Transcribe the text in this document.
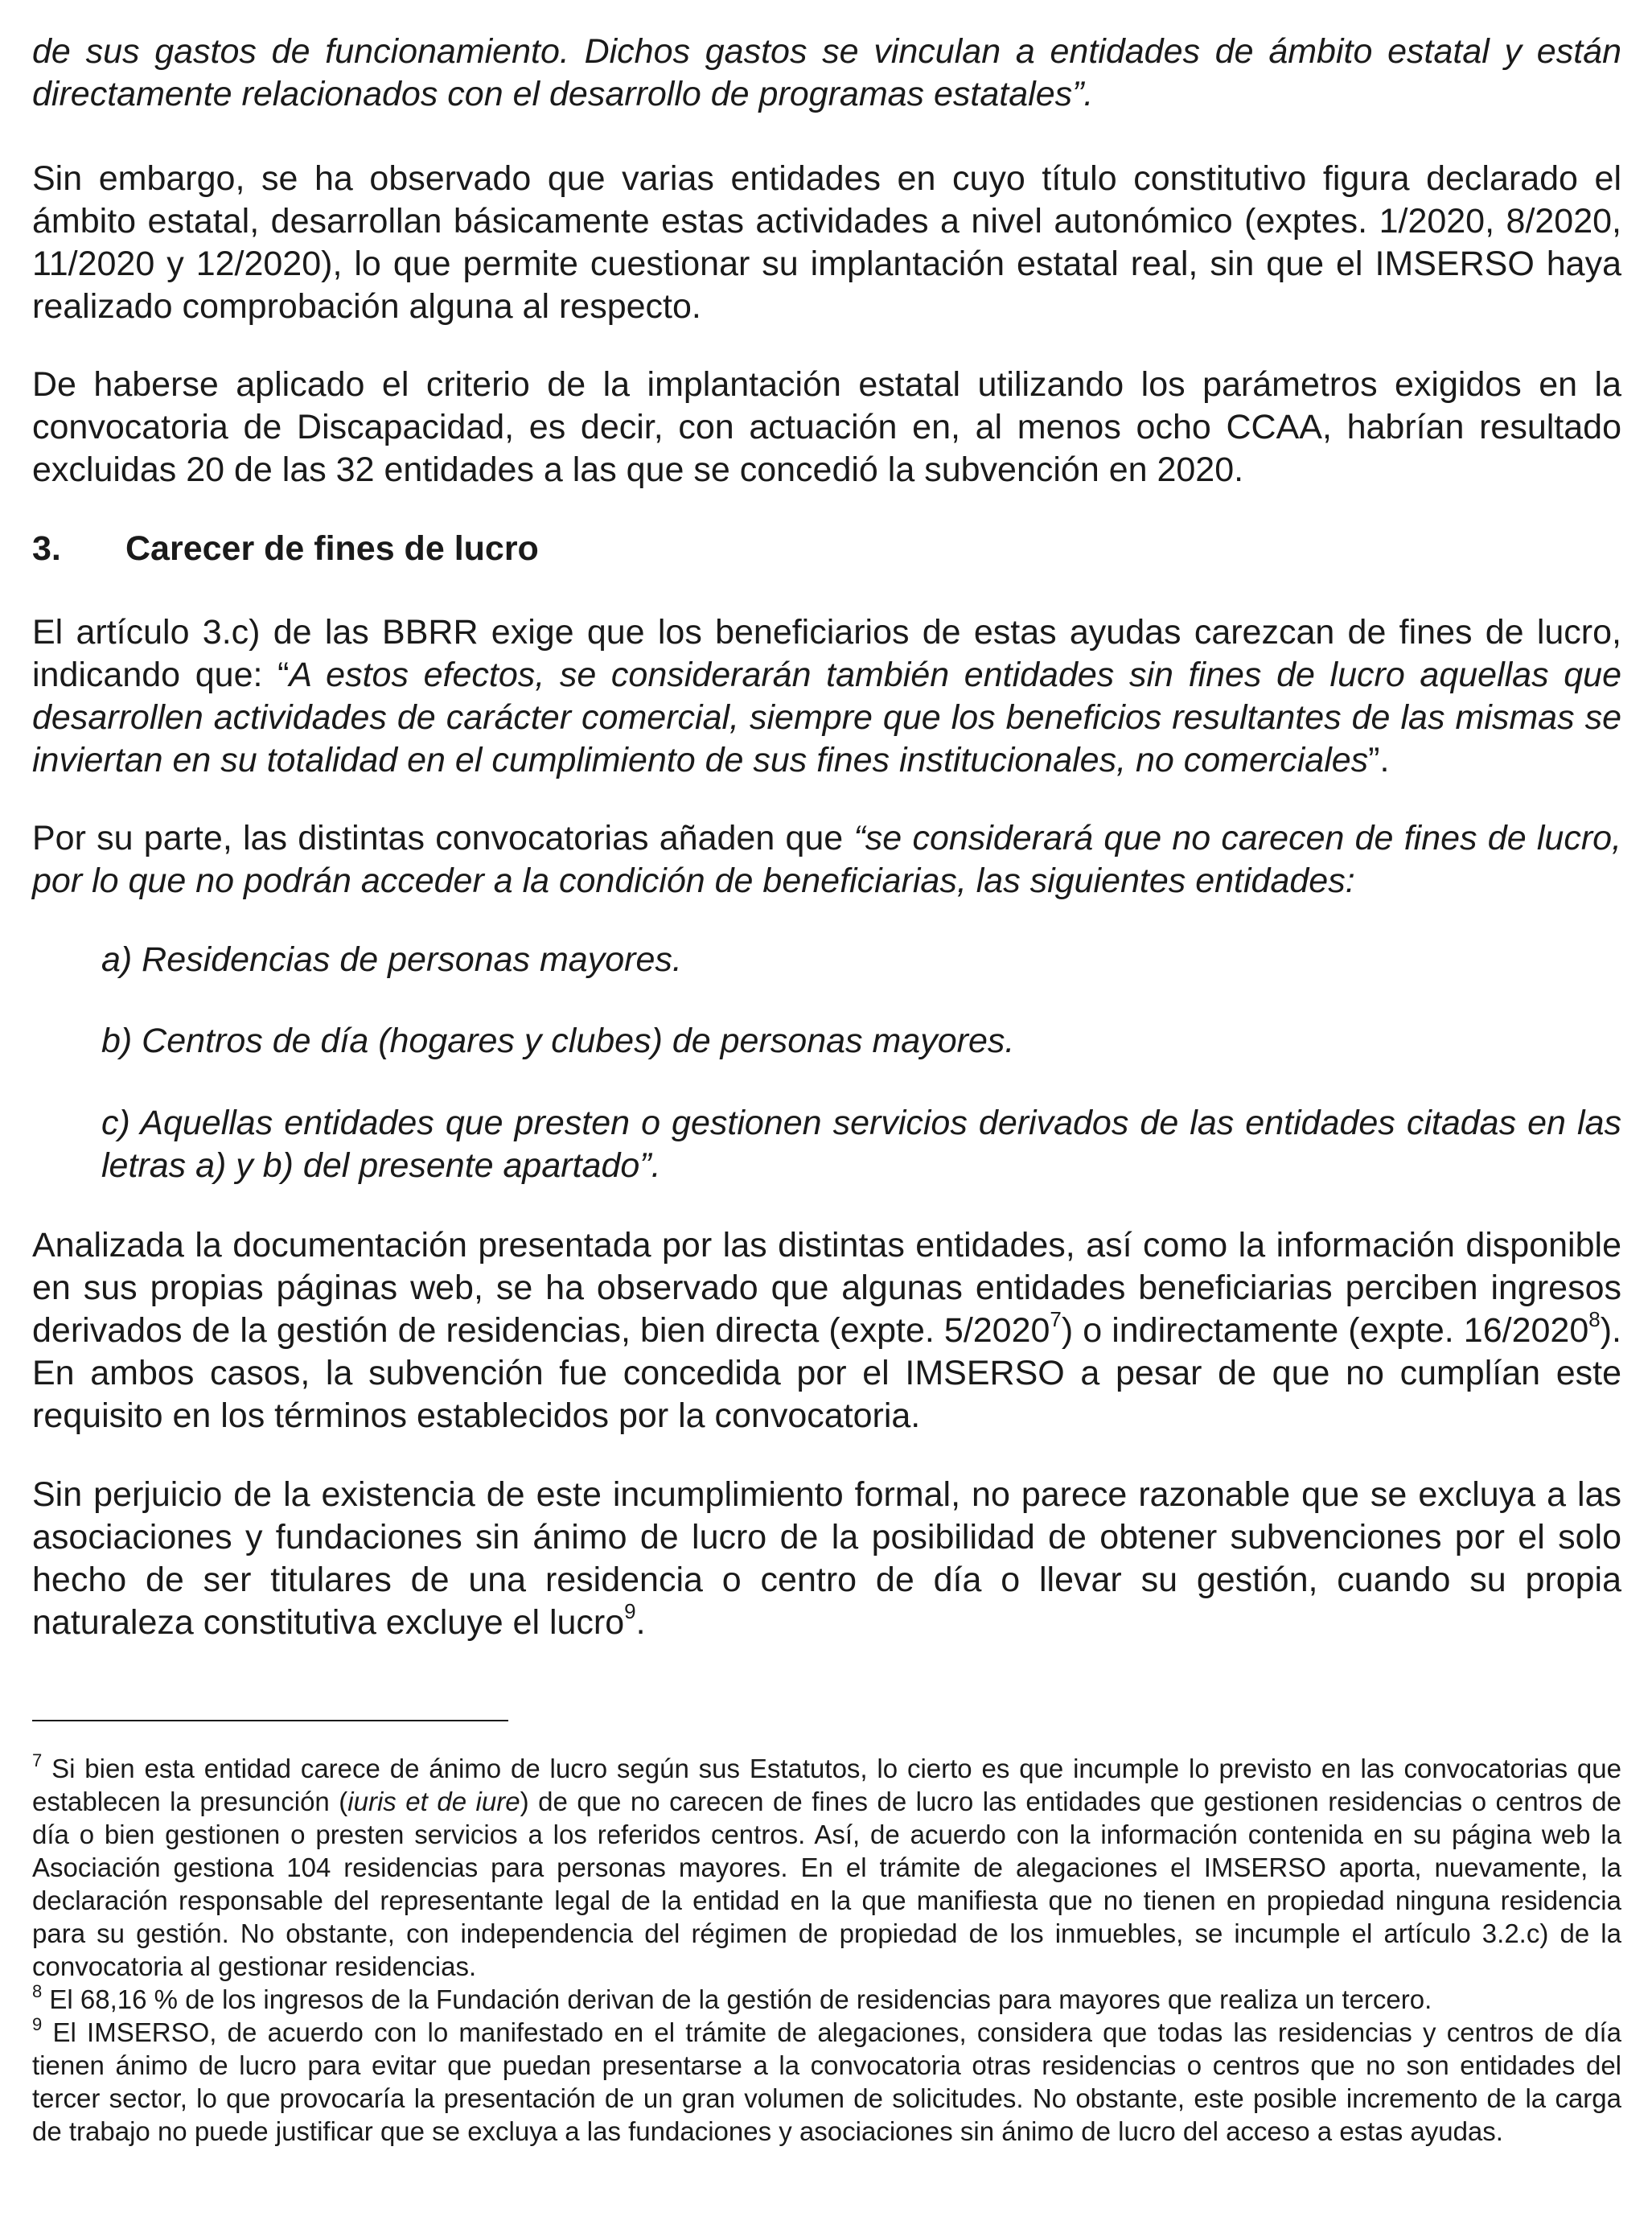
de sus gastos de funcionamiento. Dichos gastos se vinculan a entidades de ámbito estatal y están directamente relacionados con el desarrollo de programas estatales”.

Sin embargo, se ha observado que varias entidades en cuyo título constitutivo figura declarado el ámbito estatal, desarrollan básicamente estas actividades a nivel autonómico (exptes. 1/2020, 8/2020, 11/2020 y 12/2020), lo que permite cuestionar su implantación estatal real, sin que el IMSERSO haya realizado comprobación alguna al respecto.

De haberse aplicado el criterio de la implantación estatal utilizando los parámetros exigidos en la convocatoria de Discapacidad, es decir, con actuación en, al menos ocho CCAA, habrían resultado excluidas 20 de las 32 entidades a las que se concedió la subvención en 2020.

3. Carecer de fines de lucro

El artículo 3.c) de las BBRR exige que los beneficiarios de estas ayudas carezcan de fines de lucro, indicando que: “A estos efectos, se considerarán también entidades sin fines de lucro aquellas que desarrollen actividades de carácter comercial, siempre que los beneficios resultantes de las mismas se inviertan en su totalidad en el cumplimiento de sus fines institucionales, no comerciales”.

Por su parte, las distintas convocatorias añaden que “se considerará que no carecen de fines de lucro, por lo que no podrán acceder a la condición de beneficiarias, las siguientes entidades:

a) Residencias de personas mayores.

b) Centros de día (hogares y clubes) de personas mayores.

c) Aquellas entidades que presten o gestionen servicios derivados de las entidades citadas en las letras a) y b) del presente apartado”.

Analizada la documentación presentada por las distintas entidades, así como la información disponible en sus propias páginas web, se ha observado que algunas entidades beneficiarias perciben ingresos derivados de la gestión de residencias, bien directa (expte. 5/2020$^7$) o indirectamente (expte. 16/2020$^8$). En ambos casos, la subvención fue concedida por el IMSERSO a pesar de que no cumplían este requisito en los términos establecidos por la convocatoria.

Sin perjuicio de la existencia de este incumplimiento formal, no parece razonable que se excluya a las asociaciones y fundaciones sin ánimo de lucro de la posibilidad de obtener subvenciones por el solo hecho de ser titulares de una residencia o centro de día o llevar su gestión, cuando su propia naturaleza constitutiva excluye el lucro$^9$.

$^7$ Si bien esta entidad carece de ánimo de lucro según sus Estatutos, lo cierto es que incumple lo previsto en las convocatorias que establecen la presunción (iuris et de iure) de que no carecen de fines de lucro las entidades que gestionen residencias o centros de día o bien gestionen o presten servicios a los referidos centros. Así, de acuerdo con la información contenida en su página web la Asociación gestiona 104 residencias para personas mayores. En el trámite de alegaciones el IMSERSO aporta, nuevamente, la declaración responsable del representante legal de la entidad en la que manifiesta que no tienen en propiedad ninguna residencia para su gestión. No obstante, con independencia del régimen de propiedad de los inmuebles, se incumple el artículo 3.2.c) de la convocatoria al gestionar residencias.

$^8$ El 68,16 % de los ingresos de la Fundación derivan de la gestión de residencias para mayores que realiza un tercero.

$^9$ El IMSERSO, de acuerdo con lo manifestado en el trámite de alegaciones, considera que todas las residencias y centros de día tienen ánimo de lucro para evitar que puedan presentarse a la convocatoria otras residencias o centros que no son entidades del tercer sector, lo que provocaría la presentación de un gran volumen de solicitudes. No obstante, este posible incremento de la carga de trabajo no puede justificar que se excluya a las fundaciones y asociaciones sin ánimo de lucro del acceso a estas ayudas.
